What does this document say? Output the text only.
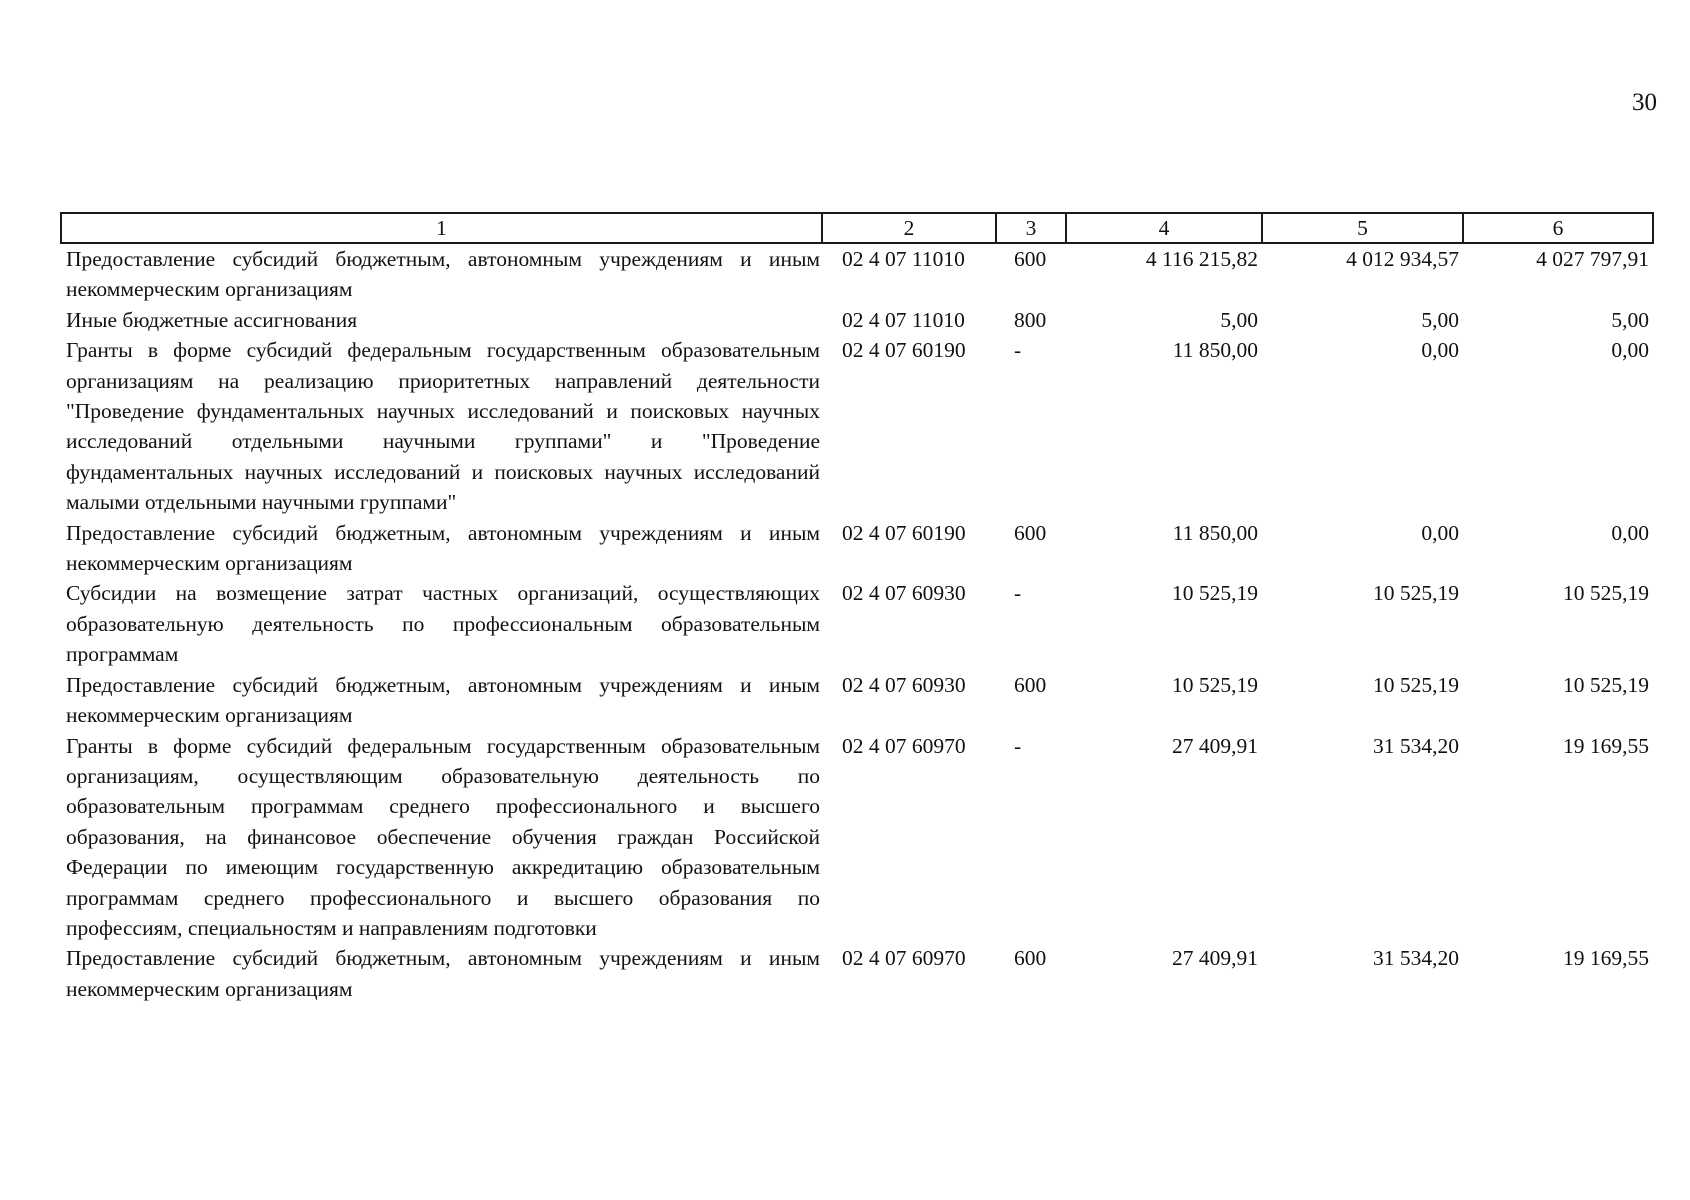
30
1	2	3	4	5	6
Предоставление субсидий бюджетным, автономным учреждениям и иным некоммерческим организациям	02 4 07 11010	600	4 116 215,82	4 012 934,57	4 027 797,91
Иные бюджетные ассигнования	02 4 07 11010	800	5,00	5,00	5,00
Гранты в форме субсидий федеральным государственным образовательным организациям на реализацию приоритетных направлений деятельности "Проведение фундаментальных научных исследований и поисковых научных исследований отдельными научными группами" и "Проведение фундаментальных научных исследований и поисковых научных исследований малыми отдельными научными группами"	02 4 07 60190	-	11 850,00	0,00	0,00
Предоставление субсидий бюджетным, автономным учреждениям и иным некоммерческим организациям	02 4 07 60190	600	11 850,00	0,00	0,00
Субсидии на возмещение затрат частных организаций, осуществляющих образовательную деятельность по профессиональным образовательным программам	02 4 07 60930	-	10 525,19	10 525,19	10 525,19
Предоставление субсидий бюджетным, автономным учреждениям и иным некоммерческим организациям	02 4 07 60930	600	10 525,19	10 525,19	10 525,19
Гранты в форме субсидий федеральным государственным образовательным организациям, осуществляющим образовательную деятельность по образовательным программам среднего профессионального и высшего образования, на финансовое обеспечение обучения граждан Российской Федерации по имеющим государственную аккредитацию образовательным программам среднего профессионального и высшего образования по профессиям, специальностям и направлениям подготовки	02 4 07 60970	-	27 409,91	31 534,20	19 169,55
Предоставление субсидий бюджетным, автономным учреждениям и иным некоммерческим организациям	02 4 07 60970	600	27 409,91	31 534,20	19 169,55
